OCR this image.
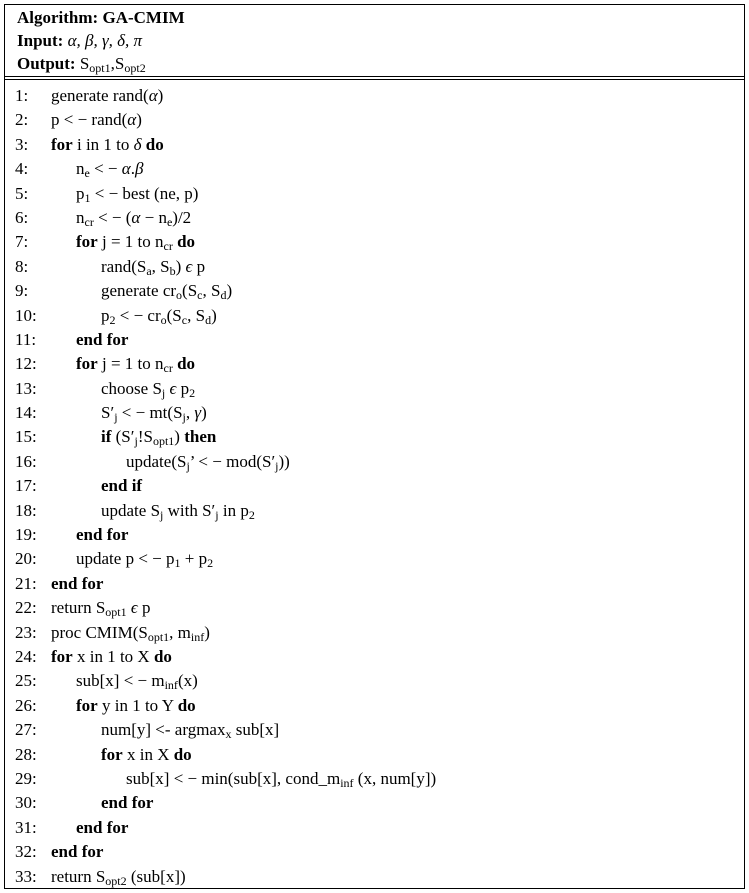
Algorithm: GA-CMIM
Input: α, β, γ, δ, π
Output: $S_{opt1},S_{opt2}$
1:	generate rand(α)
2:	p < − rand(α)
3:	for i in 1 to δ do
4:	$n_e$ < − α.β
5:	$p_1$ < − best (ne, p)
6:	$n_{cr}$ < − $(\alpha - n_e)/2$
7:	for j = 1 to $n_{cr}$ do
8:	$rand(S_a$, $S_b$) ϵ p
9:	generate $cr_o(S_c$, $S_d$)
10:	$p_2$ < − $cr_o(S_c$, $S_d$)
11:	end for
12:	for j = 1 to $n_{cr}$ do
13:	choose $S_j$ ϵ $p_2$
14:	$S'_j$ < − $mt(S_j$, γ)
15:	if $(S'_j!S_{opt1})$ then
16:	$update(S_j$’ < − $mod(S'_j)$)
17:	end if
18:	update $S_j$ with $S'_j$ in $p_2$
19:	end for
20:	update p < − $p_1 + p_2$
21: end for
22: return $S_{opt1}$ ϵ p
23: proc $CMIM(S_{opt1}$, $m_{inf}$)
24: for x in 1 to X do
25:	sub[x] < − $m_{inf}(x)$
26:	for y in 1 to Y do
27:	num[y] <- argmax$_x$ sub[x]
28:	for x in X do
29:	sub[x] < − min(sub[x], $cond\_m_{inf}$ (x, num[y])
30:	end for
31:	end for
32: end for
33: return $S_{opt2}$ (sub[x])
